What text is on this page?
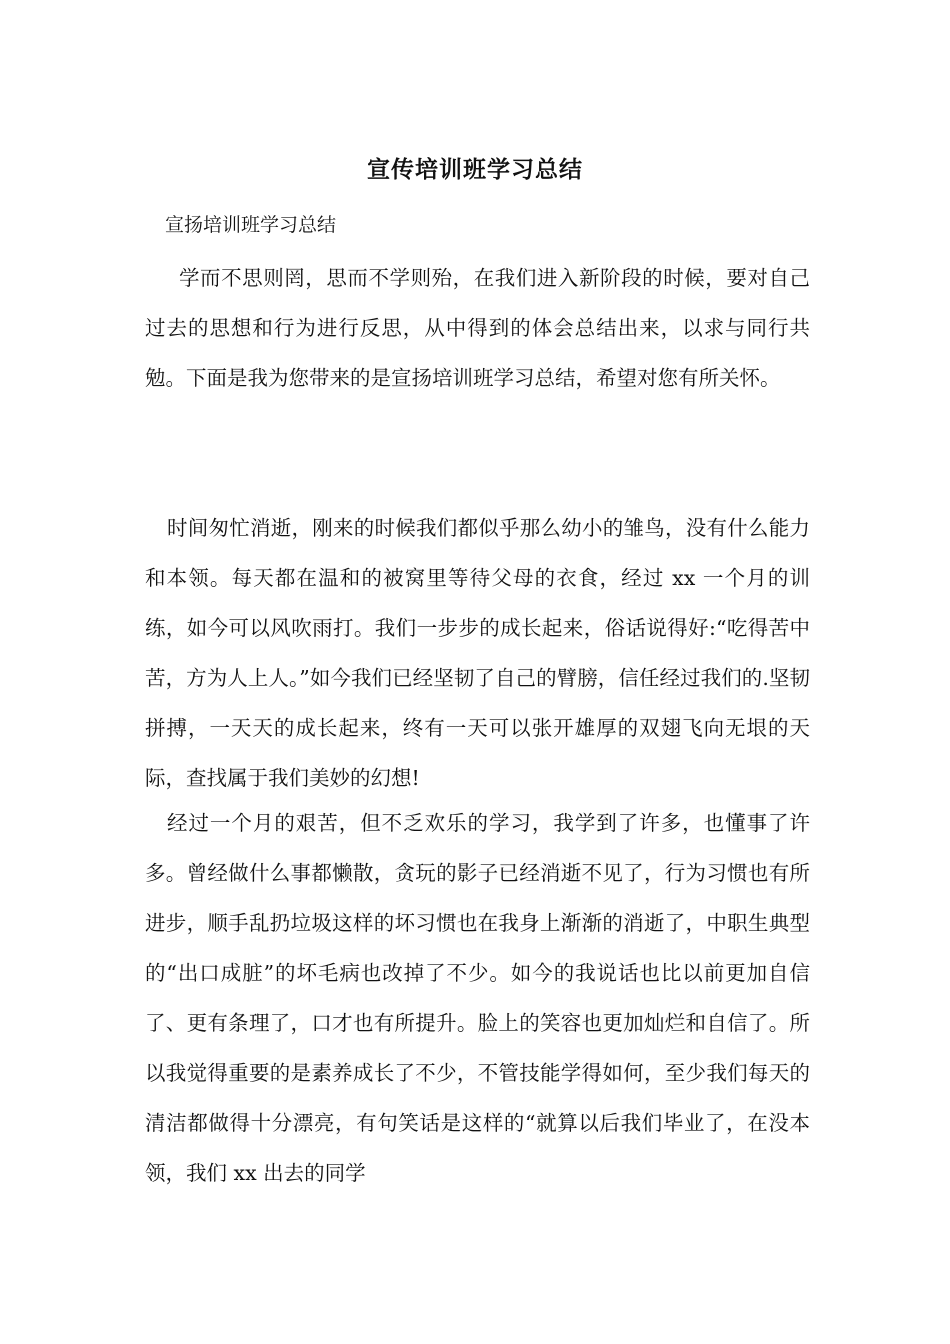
宣传培训班学习总结
宣扬培训班学习总结
学而不思则罔，思而不学则殆，在我们进入新阶段的时候，要对自己过去的思想和行为进行反思，从中得到的体会总结出来，以求与同行共勉。下面是我为您带来的是宣扬培训班学习总结，希望对您有所关怀。
时间匆忙消逝，刚来的时候我们都似乎那么幼小的雏鸟，没有什么能力和本领。每天都在温和的被窝里等待父母的衣食，经过 xx 一个月的训练，如今可以风吹雨打。我们一步步的成长起来，俗话说得好:“吃得苦中苦，方为人上人。”如今我们已经坚韧了自己的臂膀，信任经过我们的.坚韧拼搏，一天天的成长起来，终有一天可以张开雄厚的双翅飞向无垠的天际，查找属于我们美妙的幻想!
经过一个月的艰苦，但不乏欢乐的学习，我学到了许多，也懂事了许多。曾经做什么事都懒散，贪玩的影子已经消逝不见了，行为习惯也有所进步，顺手乱扔垃圾这样的坏习惯也在我身上渐渐的消逝了，中职生典型的“出口成脏”的坏毛病也改掉了不少。如今的我说话也比以前更加自信了、更有条理了，口才也有所提升。脸上的笑容也更加灿烂和自信了。所以我觉得重要的是素养成长了不少，不管技能学得如何，至少我们每天的清洁都做得十分漂亮，有句笑话是这样的“就算以后我们毕业了，在没本领，我们 xx 出去的同学
